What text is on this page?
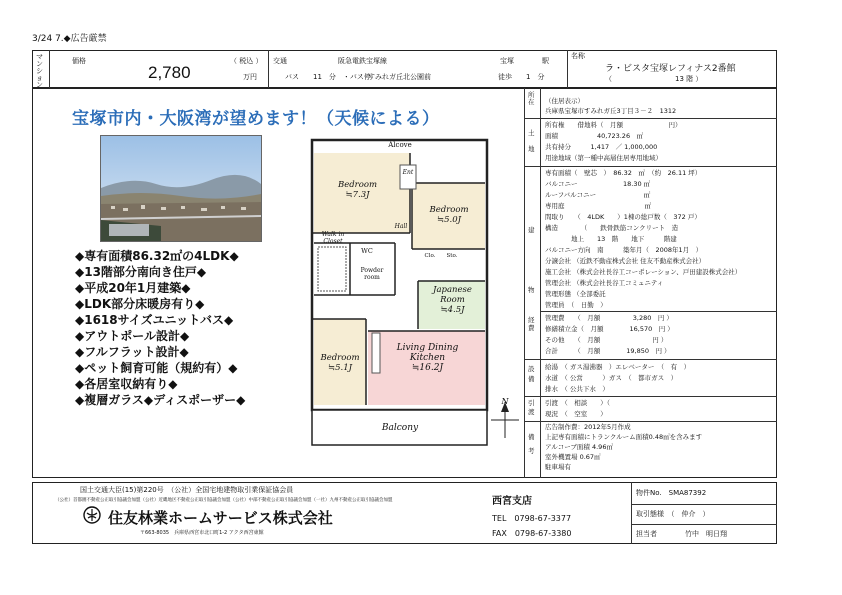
3/24 7.◆広告厳禁
マンション
価格	（ 税込 ）
2,780	万円
交通	阪急電鉄宝塚線	宝塚	駅
バス　　11　分　・バス停
すみれガ丘北公園前	徒歩　　1　分
名称
ラ・ビスタ宝塚レフィナス2番館
（　　　　　　　　　13 階 ）
宝塚市内・大阪湾が望めます！（天候による）
◆専有面積86.32㎡の4LDK◆
◆13階部分南向き住戸◆
◆平成20年1月建築◆
◆LDK部分床暖房有り◆
◆1618サイズユニットバス◆
◆アウトポール設計◆
◆フルフラット設計◆
◆ペット飼育可能（規約有）◆
◆各居室収納有り◆
◆複層ガラス◆ディスポーザー◆
Alcove
Bedroom
≒7.3J
Bedroom
≒5.0J
Japanese
Room
≒4.5J
Bedroom
≒5.1J
Living Dining
Kitchen
≒16.2J
Balcony
Walk in
Closet
WC
Powder
room
Hall
Ent
Clo.	Sto.
N
所在	（住居表示）
兵庫県宝塚市すみれガ丘3丁目３－２　1312
土地
所有権　　借地料（　月額　　　　　　　円）
面積　　　　　　40,723.26　㎡
共有持分　　　1,417　／ 1,000,000
用途地域（第一種中高層住居専用地域）
建物
専有面積（　壁芯　）　86.32　㎡　（約　26.11 坪）
バルコニー　　　　　　　18.30 ㎡
ルーフバルコニー　　　　　　　 ㎡
専用庭　　　　　　　　　　　　 ㎡
間取り　　（　4LDK　　）1棟の総戸数（　372 戸）
構造　　　　（　　鉄骨鉄筋コンクリート　造
　　　　地上　　13　階　　地下　　　階建
バルコニー方向　南　　　築年月（　2008年1月　）
分譲会社 （近鉄不動産株式会社 住友不動産株式会社）
施工会社 （株式会社長谷工コーポレーション、戸田建設株式会社）
管理会社 （株式会社長谷工コミュニティ
管理形態 （全部委託
管理員　（　日勤　）
管理費　　（　月額　　　　　3,280　円 ）
修繕積立金（　月額　　　　16,570　円 ）
その他　　（　月額　　　　　　　　円 ）
合計　　　（　月額　　　　19,850　円 ）
経費
設備
給湯　（ ガス湯沸器　）エレベーター　（　有　）
水道　（ 公営　　　）ガス　（　都市ガス　）
排水　（ 公共下水　）
引渡
引渡　（　相談　　）（
現況　（　空室　　）
備考
広告制作費：2012年5月作成
上記専有面積にトランクルーム面積0.48㎡を含みます
アルコーブ面積 4.96㎡
室外機置場 0.67㎡
駐車場有
国土交通大臣(15)第220号　（公社）全国宅地建物取引業保証協会員
（公社）首都圏不動産公正取引協議会加盟（公社）近畿地区不動産公正取引協議会加盟（公社）中部不動産公正取引協議会加盟（一社）九州不動産公正取引協議会加盟
住友林業ホームサービス株式会社
〒663-8035　兵庫県西宮市北口町1-2 アクタ西宮東館
西宮支店
TEL　0798-67-3377
FAX　0798-67-3380
物件No.　SMA87392
取引態様　（　仲介　）
担当者　　　　竹中　明日翔
